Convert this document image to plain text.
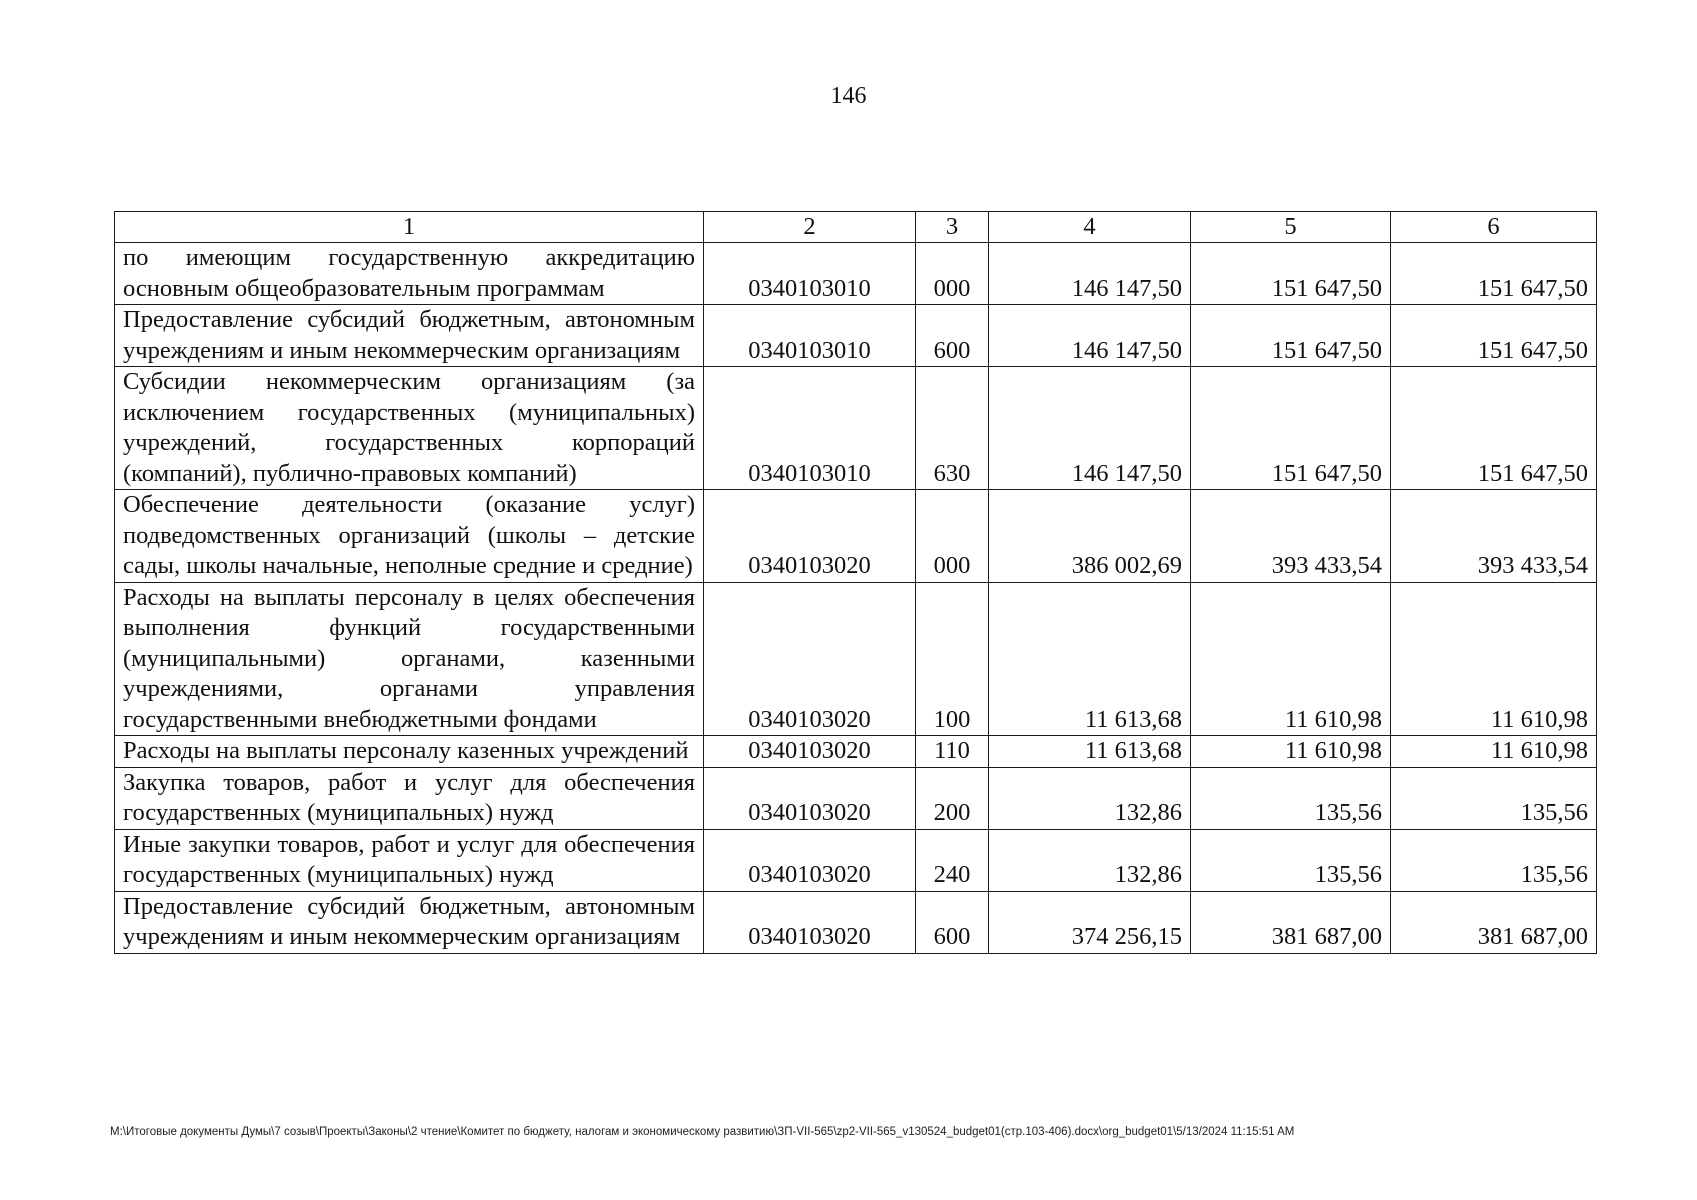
146
1	2	3	4	5	6
по имеющим государственную аккредитацию основным общеобразовательным программам	0340103010	000	146 147,50	151 647,50	151 647,50
Предоставление субсидий бюджетным, автономным учреждениям и иным некоммерческим организациям	0340103010	600	146 147,50	151 647,50	151 647,50
Субсидии некоммерческим организациям (за исключением государственных (муниципальных) учреждений, государственных корпораций (компаний), публично-правовых компаний)	0340103010	630	146 147,50	151 647,50	151 647,50
Обеспечение деятельности (оказание услуг) подведомственных организаций (школы – детские сады, школы начальные, неполные средние и средние)	0340103020	000	386 002,69	393 433,54	393 433,54
Расходы на выплаты персоналу в целях обеспечения выполнения функций государственными (муниципальными) органами, казенными учреждениями, органами управления государственными внебюджетными фондами	0340103020	100	11 613,68	11 610,98	11 610,98
Расходы на выплаты персоналу казенных учреждений	0340103020	110	11 613,68	11 610,98	11 610,98
Закупка товаров, работ и услуг для обеспечения государственных (муниципальных) нужд	0340103020	200	132,86	135,56	135,56
Иные закупки товаров, работ и услуг для обеспечения государственных (муниципальных) нужд	0340103020	240	132,86	135,56	135,56
Предоставление субсидий бюджетным, автономным учреждениям и иным некоммерческим организациям	0340103020	600	374 256,15	381 687,00	381 687,00
M:\Итоговые документы Думы\7 созыв\Проекты\Законы\2 чтение\Комитет по бюджету, налогам и экономическому развитию\ЗП-VII-565\zp2-VII-565_v130524_budget01(стр.103-406).docx\org_budget01\5/13/2024 11:15:51 AM
